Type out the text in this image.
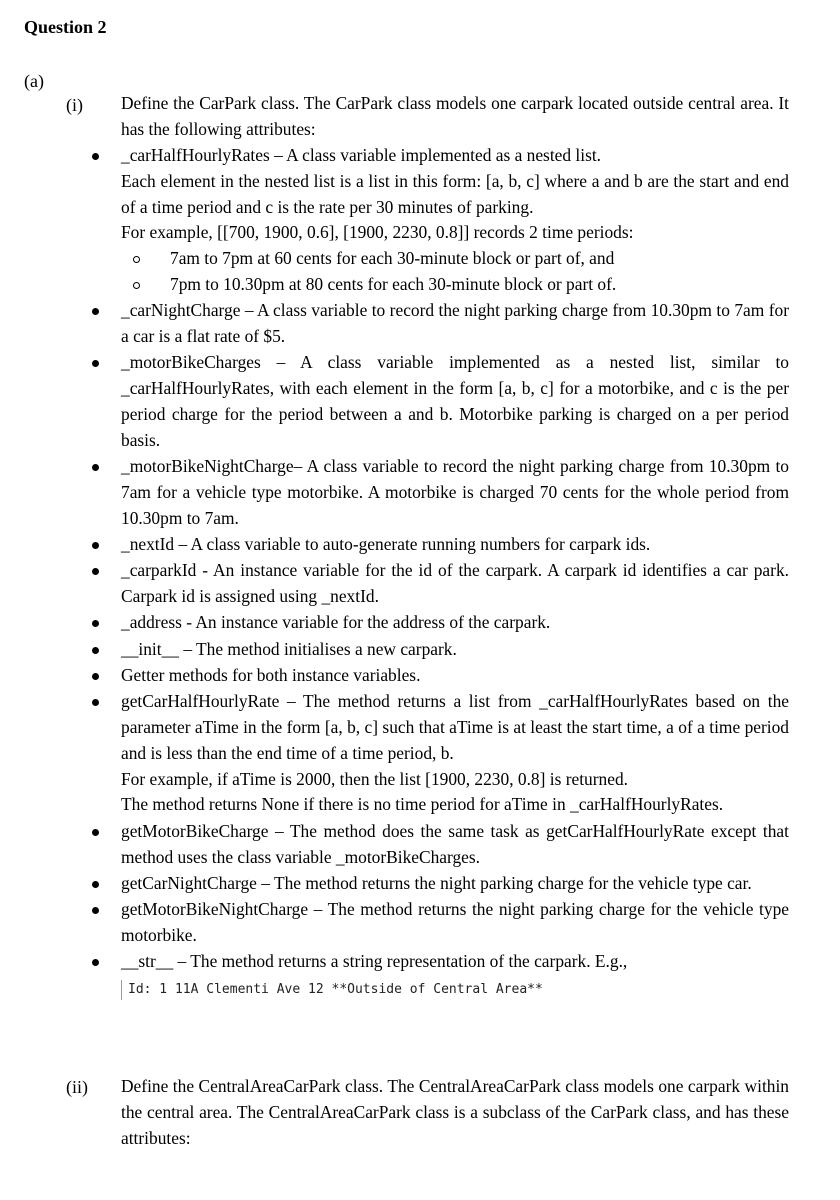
Question 2
(a)
(i) Define the CarPark class. The CarPark class models one carpark located outside central area. It has the following attributes:
_carHalfHourlyRates – A class variable implemented as a nested list.
Each element in the nested list is a list in this form: [a, b, c] where a and b are the start and end of a time period and c is the rate per 30 minutes of parking.
For example, [[700, 1900, 0.6], [1900, 2230, 0.8]] records 2 time periods:
7am to 7pm at 60 cents for each 30-minute block or part of, and
7pm to 10.30pm at 80 cents for each 30-minute block or part of.
_carNightCharge – A class variable to record the night parking charge from 10.30pm to 7am for a car is a flat rate of $5.
_motorBikeCharges – A class variable implemented as a nested list, similar to _carHalfHourlyRates, with each element in the form [a, b, c] for a motorbike, and c is the per period charge for the period between a and b. Motorbike parking is charged on a per period basis.
_motorBikeNightCharge– A class variable to record the night parking charge from 10.30pm to 7am for a vehicle type motorbike. A motorbike is charged 70 cents for the whole period from 10.30pm to 7am.
_nextId – A class variable to auto-generate running numbers for carpark ids.
_carparkId - An instance variable for the id of the carpark. A carpark id identifies a car park. Carpark id is assigned using _nextId.
_address - An instance variable for the address of the carpark.
__init__ – The method initialises a new carpark.
Getter methods for both instance variables.
getCarHalfHourlyRate – The method returns a list from _carHalfHourlyRates based on the parameter aTime in the form [a, b, c] such that aTime is at least the start time, a of a time period and is less than the end time of a time period, b.
For example, if aTime is 2000, then the list [1900, 2230, 0.8] is returned.
The method returns None if there is no time period for aTime in _carHalfHourlyRates.
getMotorBikeCharge – The method does the same task as getCarHalfHourlyRate except that method uses the class variable _motorBikeCharges.
getCarNightCharge – The method returns the night parking charge for the vehicle type car.
getMotorBikeNightCharge – The method returns the night parking charge for the vehicle type motorbike.
__str__ – The method returns a string representation of the carpark. E.g.,
Id: 1 11A Clementi Ave 12 **Outside of Central Area**
(ii) Define the CentralAreaCarPark class. The CentralAreaCarPark class models one carpark within the central area. The CentralAreaCarPark class is a subclass of the CarPark class, and has these attributes:
